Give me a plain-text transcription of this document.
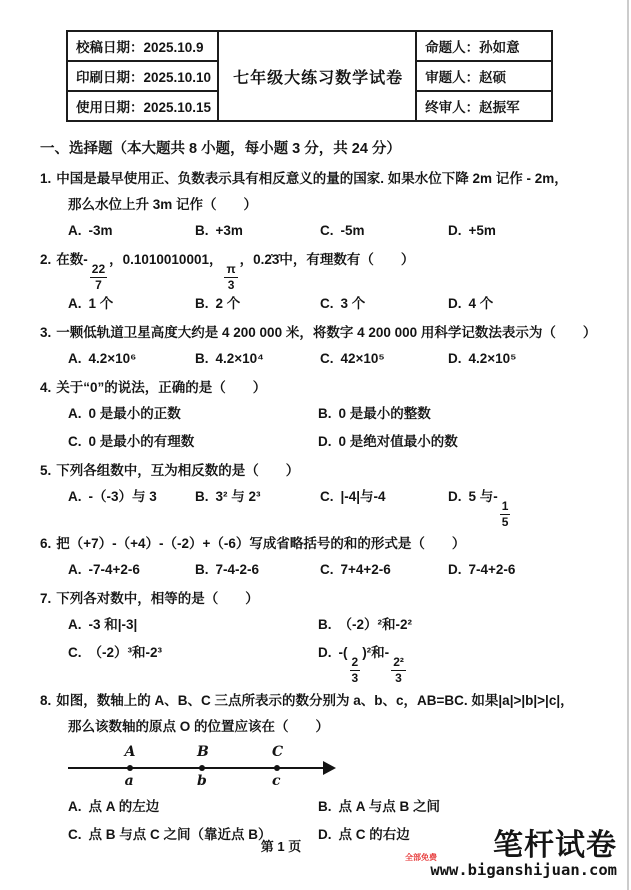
校稿日期：2025.10.9	七年级大练习数学试卷	命题人：孙如意
印刷日期：2025.10.10		审题人：赵硕
使用日期：2025.10.15		终审人：赵振军
一、选择题（本大题共 8 小题，每小题 3 分，共 24 分）
1. 中国是最早使用正、负数表示具有相反意义的量的国家. 如果水位下降 2m 记作 - 2m，
那么水位上升 3m 记作（　　）
A. -3m	B. +3m	C. -5m	D. +5m
2. 在数-
$\frac{22}{7}$
，0.1010010001，
$\frac{\pi}{3}$
，0.2̇3̇中，有理数有（　　）
A. 1 个	B. 2 个	C. 3 个	D. 4 个
3. 一颗低轨道卫星高度大约是 4 200 000 米，将数字 4 200 000 用科学记数法表示为（　　）
A. 4.2×10⁶	B. 4.2×10⁴	C. 42×10⁵	D. 4.2×10⁵
4. 关于“0”的说法，正确的是（　　）
A. 0 是最小的正数	B. 0 是最小的整数
C. 0 是最小的有理数	D. 0 是绝对值最小的数
5. 下列各组数中，互为相反数的是（　　）
A. -（-3）与 3	B. 3² 与 2³	C. |-4|与-4	D. 5 与-
$\frac{1}{5}$
6. 把（+7）-（+4）-（-2）+（-6）写成省略括号的和的形式是（　　）
A. -7-4+2-6	B. 7-4-2-6	C. 7+4+2-6	D. 7-4+2-6
7. 下列各对数中，相等的是（　　）
A. -3 和|-3|	B. （-2）²和-2²
C. （-2）³和-2³	D. -(
$\frac{2}{3}$
)²和-
$\frac{\text{2²}}{3}$
8. 如图，数轴上的 A、B、C 三点所表示的数分别为 a、b、c，AB=BC. 如果|a|>|b|>|c|，
那么该数轴的原点 O 的位置应该在（　　）
A
a
B
b
C
c
A. 点 A 的左边	B. 点 A 与点 B 之间
C. 点 B 与点 C 之间（靠近点 B）	D. 点 C 的右边
第 1 页
全部免费	笔杆试卷
www.biganshijuan.com
